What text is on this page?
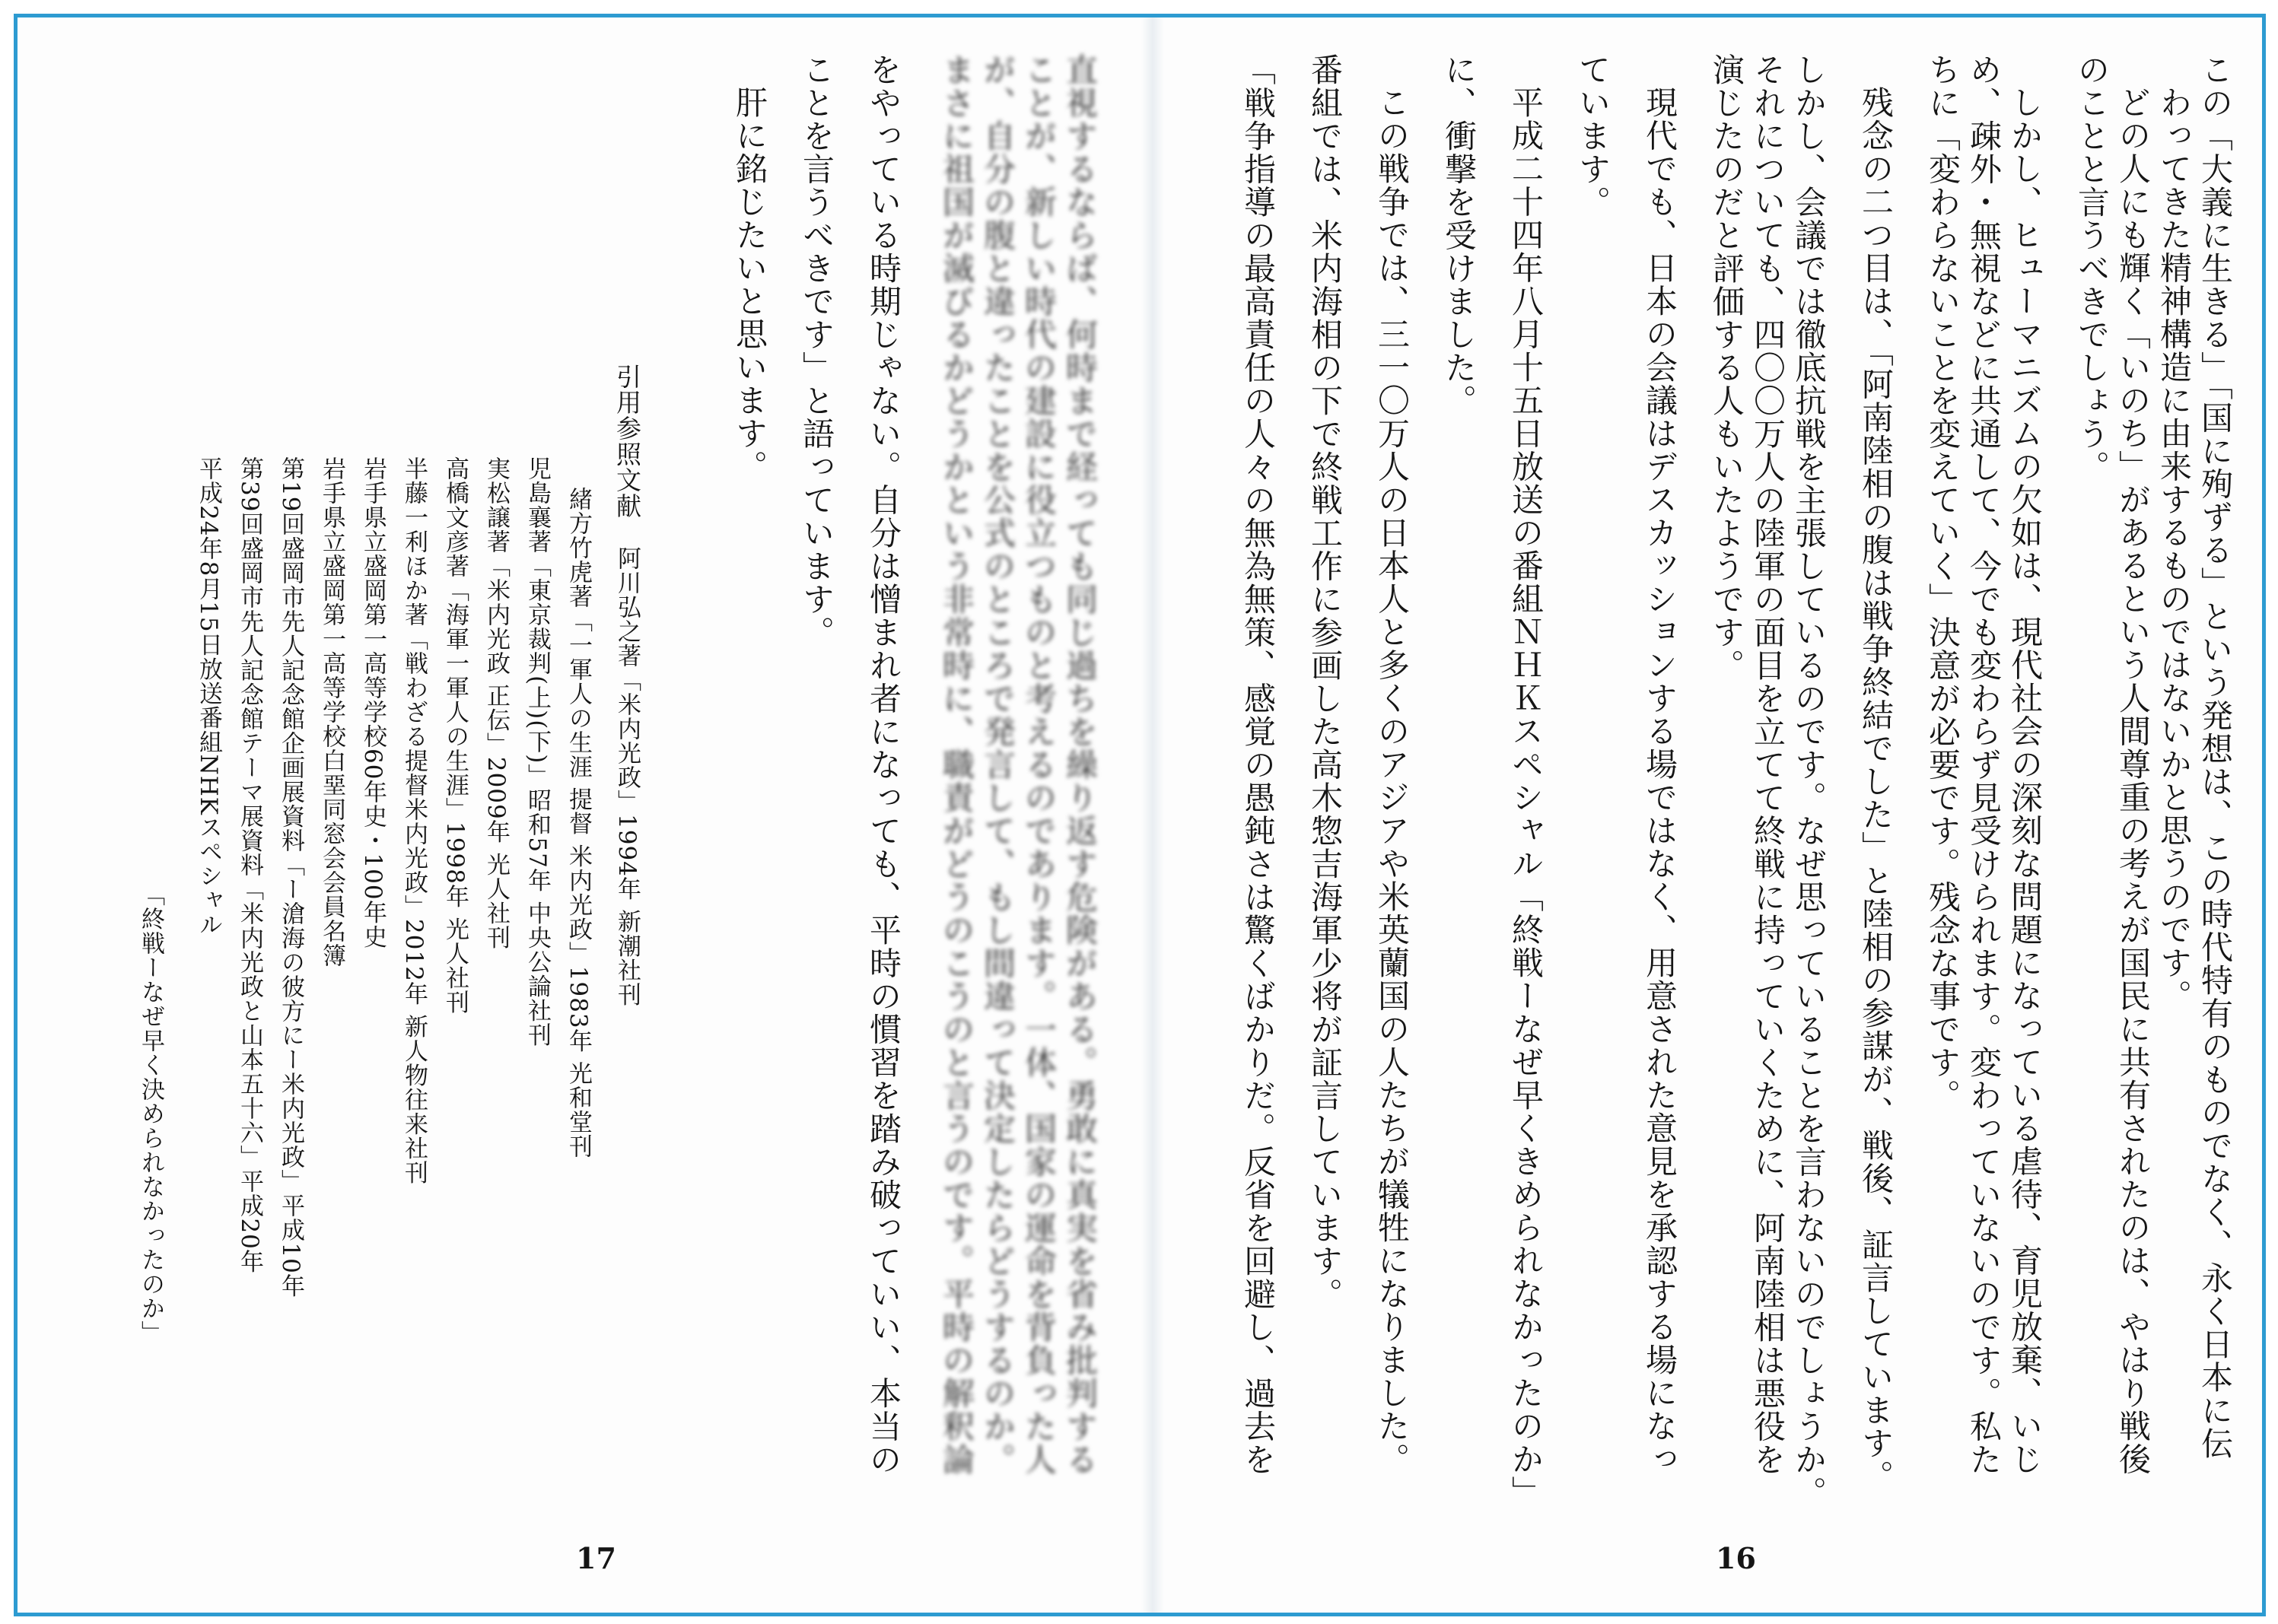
この「大義に生きる」「国に殉ずる」という発想は、この時代特有のものでなく、永く日本に伝

わってきた精神構造に由来するものではないかと思うのです。

どの人にも輝く「いのち」があるという人間尊重の考えが国民に共有されたのは、やはり戦後

のことと言うべきでしょう。

しかし、ヒューマニズムの欠如は、現代社会の深刻な問題になっている虐待、育児放棄、いじ

め、疎外・無視などに共通して、今でも変わらず見受けられます。変わっていないのです。私た

ちに「変わらないことを変えていく」決意が必要です。残念な事です。

残念の二つ目は、「阿南陸相の腹は戦争終結でした」と陸相の参謀が、戦後、証言しています。

しかし、会議では徹底抗戦を主張しているのです。なぜ思っていることを言わないのでしょうか。

それについても、四〇〇万人の陸軍の面目を立てて終戦に持っていくために、阿南陸相は悪役を

演じたのだと評価する人もいたようです。

現代でも、日本の会議はデスカッションする場ではなく、用意された意見を承認する場になっ

ています。

平成二十四年八月十五日放送の番組ＮＨＫスペシャル「終戦ーなぜ早くきめられなかったのか」

に、衝撃を受けました。

この戦争では、三一〇万人の日本人と多くのアジアや米英蘭国の人たちが犠牲になりました。

番組では、米内海相の下で終戦工作に参画した高木惣吉海軍少将が証言しています。

「戦争指導の最高責任の人々の無為無策、感覚の愚鈍さは驚くばかりだ。反省を回避し、過去を

16

直視するならば、何時まで経っても同じ過ちを繰り返す危険がある。勇敢に真実を省み批判する

ことが、新しい時代の建設に役立つものと考えるのであります。一体、国家の運命を背負った人

が、自分の腹と違ったことを公式のところで発言して、もし間違って決定したらどうするのか。

まさに祖国が滅びるかどうかという非常時に、職責がどうのこうのと言うのです。平時の解釈論

をやっている時期じゃない。自分は憎まれ者になっても、平時の慣習を踏み破っていい、本当の

ことを言うべきです」と語っています。

肝に銘じたいと思います。

引用参照文献

阿川弘之著「米内光政」1994年 新潮社刊

緒方竹虎著「一軍人の生涯 提督 米内光政」1983年 光和堂刊

児島襄著「東京裁判(上)(下)」昭和57年 中央公論社刊

実松譲著「米内光政 正伝」2009年 光人社刊

高橋文彦著「海軍一軍人の生涯」1998年 光人社刊

半藤一利ほか著「戦わざる提督米内光政」2012年 新人物往来社刊

岩手県立盛岡第一高等学校60年史・100年史

岩手県立盛岡第一高等学校白堊同窓会会員名簿

第19回盛岡市先人記念館企画展資料「ー滄海の彼方にー米内光政」平成10年

第39回盛岡市先人記念館テーマ展資料「米内光政と山本五十六」平成20年

平成24年8月15日放送番組NHKスペシャル

「終戦ーなぜ早く決められなかったのか」

17
